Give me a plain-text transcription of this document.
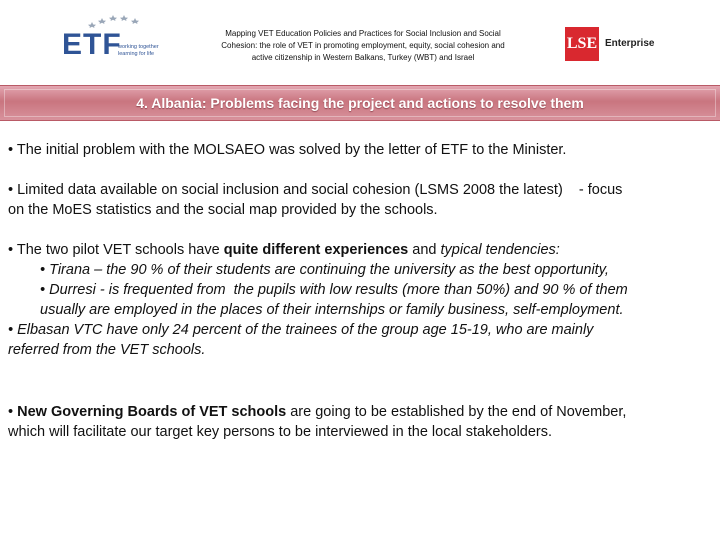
ETF
working together learning for life
Mapping VET Education Policies and Practices for Social Inclusion and Social
Cohesion: the role of VET in promoting employment, equity, social cohesion and
active citizenship in Western Balkans, Turkey (WBT) and Israel
LSE Enterprise
4. Albania: Problems facing the project and actions to resolve them
• The initial problem with the MOLSAEO was solved by the letter of ETF to the Minister.
• Limited data available on social inclusion and social cohesion (LSMS 2008 the latest)    - focus
on the MoES statistics and the social map provided by the schools.
• The two pilot VET schools have quite different experiences and typical tendencies:
• Tirana – the 90 % of their students are continuing the university as the best opportunity,
• Durresi - is frequented from  the pupils with low results (more than 50%) and 90 % of them
usually are employed in the places of their internships or family business, self-employment.
• Elbasan VTC have only 24 percent of the trainees of the group age 15-19, who are mainly
referred from the VET schools.
• New Governing Boards of VET schools are going to be established by the end of November,
which will facilitate our target key persons to be interviewed in the local stakeholders.
